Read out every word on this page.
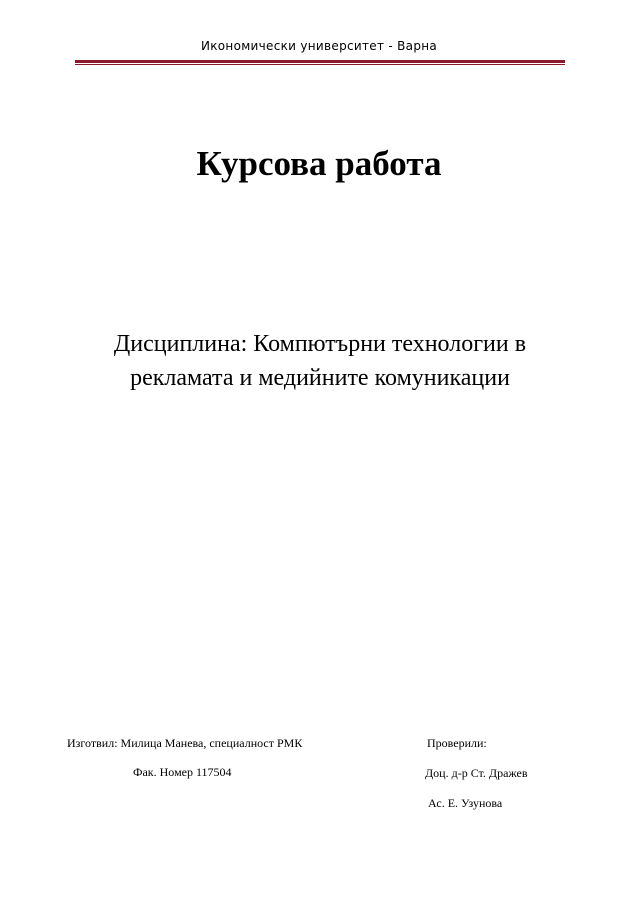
Икономически университет - Варна
Курсова работа
Дисциплина: Компютърни технологии в
рекламата и медийните комуникации
Изготвил: Милица Манева, специалност РМК
Фак. Номер 117504
Проверили:
Доц. д-р Ст. Дражев
Ас. Е. Узунова
